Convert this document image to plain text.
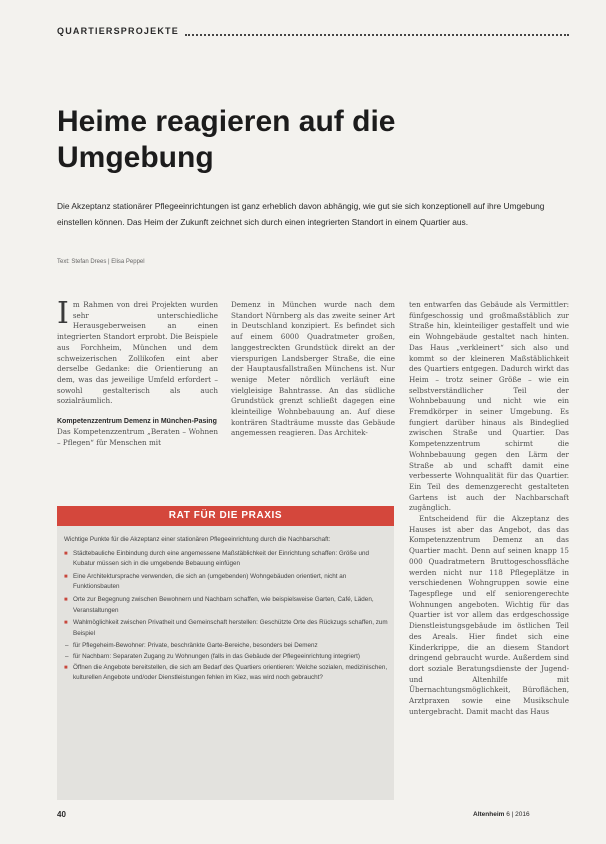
QUARTIERSPROJEKTE
Heime reagieren auf die Umgebung
Die Akzeptanz stationärer Pflegeeinrichtungen ist ganz erheblich davon abhängig, wie gut sie sich konzeptionell auf ihre Umgebung einstellen können. Das Heim der Zukunft zeichnet sich durch einen integrierten Standort in einem Quartier aus.
Text: Stefan Drees | Elisa Peppel

Im Rahmen von drei Projekten wurden sehr unterschiedliche Herausgeberweisen an einen integrierten Standort erprobt. Die Beispiele aus Forchheim, München und dem schweizerischen Zollikofen eint aber derselbe Gedanke: die Orientierung an dem, was das jeweilige Umfeld erfordert – sowohl gestalterisch als auch sozialräumlich.

Kompetenzzentrum Demenz in München-Pasing

Das Kompetenzzentrum „Beraten – Wohnen – Pflegen“ für Menschen mit

Demenz in München wurde nach dem Standort Nürnberg als das zweite seiner Art in Deutschland konzipiert. Es befindet sich auf einem 6000 Quadratmeter großen, langgestreckten Grundstück direkt an der vierspurigen Landsberger Straße, die eine der Hauptausfallstraßen Münchens ist. Nur wenige Meter nördlich verläuft eine vielgleisige Bahntrasse. An das südliche Grundstück grenzt schließt dagegen eine kleinteilige Wohnbebauung an. Auf diese konträren Stadträume musste das Gebäude angemessen reagieren. Das Architek-

ten entwarfen das Gebäude als Vermittler: fünfgeschossig und großmaßstäblich zur Straße hin, kleinteiliger gestaffelt und wie ein Wohngebäude gestaltet nach hinten. Das Haus „verkleinert“ sich also und kommt so der kleineren Maßstäblichkeit des Quartiers entgegen. Dadurch wirkt das Heim – trotz seiner Größe – wie ein selbstverständlicher Teil der Wohnbebauung und nicht wie ein Fremdkörper in seiner Umgebung. Es fungiert darüber hinaus als Bindeglied zwischen Straße und Quartier. Das Kompetenzzentrum schirmt die Wohnbebauung gegen den Lärm der Straße ab und schafft damit eine verbesserte Wohnqualität für das Quartier. Ein Teil des demenzgerecht gestalteten Gartens ist auch der Nachbarschaft zugänglich.

Entscheidend für die Akzeptanz des Hauses ist aber das Angebot, das das Kompetenzzentrum Demenz an das Quartier macht. Denn auf seinen knapp 15 000 Quadratmetern Bruttogeschossfläche werden nicht nur 118 Pflegeplätze in verschiedenen Wohngruppen sowie eine Tagespflege und elf seniorengerechte Wohnungen angeboten. Wichtig für das Quartier ist vor allem das erdgeschossige Dienstleistungsgebäude im östlichen Teil des Areals. Hier findet sich eine Kinderkrippe, die an diesem Standort dringend gebraucht wurde. Außerdem sind dort soziale Beratungsdienste der Jugend- und Altenhilfe mit Übernachtungsmöglichkeit, Büroflächen, Arztpraxen sowie eine Musikschule untergebracht. Damit macht das Haus

RAT FÜR DIE PRAXIS

Wichtige Punkte für die Akzeptanz einer stationären Pflegeeinrichtung durch die Nachbarschaft:

■ Städtebauliche Einbindung durch eine angemessene Maßstäblichkeit der Einrichtung schaffen: Größe und Kubatur müssen sich in die umgebende Bebauung einfügen
■ Eine Architektursprache verwenden, die sich an (umgebenden) Wohngebäuden orientiert, nicht an Funktionsbauten
■ Orte zur Begegnung zwischen Bewohnern und Nachbarn schaffen, wie beispielsweise Garten, Café, Läden, Veranstaltungen
■ Wahlmöglichkeit zwischen Privatheit und Gemeinschaft herstellen: Geschützte Orte des Rückzugs schaffen, zum Beispiel
– für Pflegeheim-Bewohner: Private, beschränkte Garte-Bereiche, besonders bei Demenz
– für Nachbarn: Separaten Zugang zu Wohnungen (falls in das Gebäude der Pflegeeinrichtung integriert)
■ Öffnen die Angebote bereitstellen, die sich am Bedarf des Quartiers orientieren: Welche sozialen, medizinischen, kulturellen Angebote und/oder Dienstleistungen fehlen im Kiez, was wird noch gebraucht?
40	Altenheim 6 | 2016
